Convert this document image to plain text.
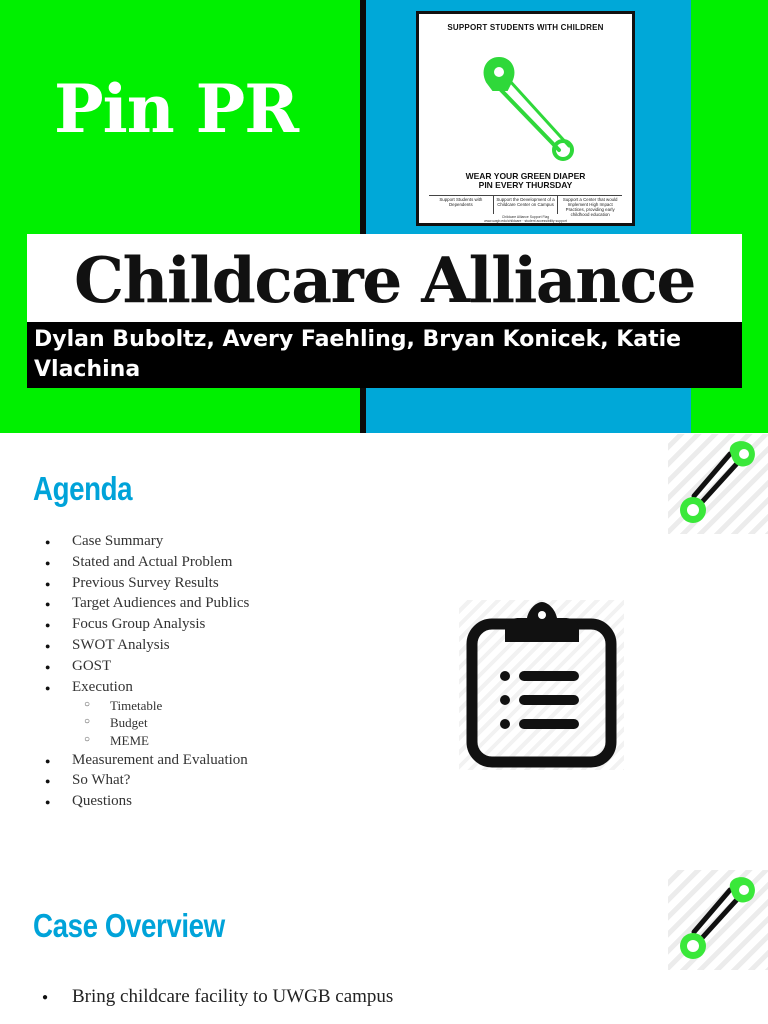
Pin PR
SUPPORT STUDENTS WITH CHILDREN
WEAR YOUR GREEN DIAPER
PIN EVERY THURSDAY
Support Students with Dependents
Support the Development of a Childcare Center on Campus
Support a Center that would Implement High Impact Practices, providing early childhood education
Childcare Alliance Support Flag
www.uwgb.edu/childcare · student accessibility support
Childcare Alliance
Dylan Buboltz, Avery Faehling, Bryan Konicek, Katie Vlachina
Agenda
● Case Summary
● Stated and Actual Problem
● Previous Survey Results
● Target Audiences and Publics
● Focus Group Analysis
● SWOT Analysis
● GOST
● Execution
○ Timetable
○ Budget
○ MEME
● Measurement and Evaluation
● So What?
● Questions
Case Overview
● Bring childcare facility to UWGB campus
